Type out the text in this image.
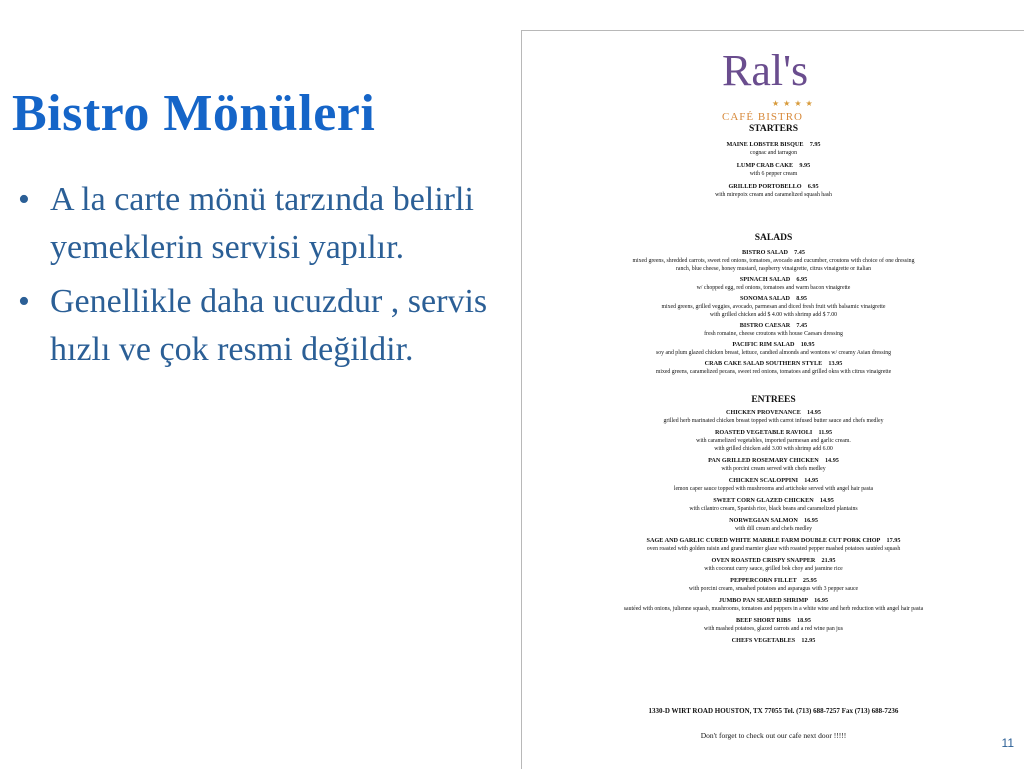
Bistro Mönüleri
• A la carte mönü tarzında belirli yemeklerin servisi yapılır.
• Genellikle daha ucuzdur , servis hızlı ve çok resmi değildir.
Ral's
★ ★ ★ ★
CAFÉ BISTRO
STARTERS
MAINE LOBSTER BISQUE 7.95
cognac and tarragon
LUMP CRAB CAKE 9.95
with 6 pepper cream
GRILLED PORTOBELLO 6.95
with mirepoix cream and caramelized squash hash
SALADS
BISTRO SALAD 7.45
mixed greens, shredded carrots, sweet red onions, tomatoes, avocado and cucumber, croutons with choice of one dressing
ranch, blue cheese, honey mustard, raspberry vinaigrette, citrus vinaigrette or italian
SPINACH SALAD 6.95
w/ chopped egg, red onions, tomatoes and warm bacon vinaigrette
SONOMA SALAD 8.95
mixed greens, grilled veggies, avocado, parmesan and diced fresh fruit with balsamic vinaigrette
with grilled chicken add $ 4.00 with shrimp add $ 7.00
BISTRO CAESAR 7.45
fresh romaine, cheese croutons with house Caesars dressing
PACIFIC RIM SALAD 10.95
soy and plum glazed chicken breast, lettuce, candied almonds and wontons w/ creamy Asian dressing
CRAB CAKE SALAD SOUTHERN STYLE 13.95
mixed greens, caramelized pecans, sweet red onions, tomatoes and grilled okra with citrus vinaigrette
ENTREES
CHICKEN PROVENANCE 14.95
grilled herb marinated chicken breast topped with carrot infused butter sauce and chefs medley
ROASTED VEGETABLE RAVIOLI 11.95
with caramelized vegetables, imported parmesan and garlic cream.
with grilled chicken add 3.00 with shrimp add 6.00
PAN GRILLED ROSEMARY CHICKEN 14.95
with porcini cream served with chefs medley
CHICKEN SCALOPPINI 14.95
lemon caper sauce topped with mushrooms and artichoke served with angel hair pasta
SWEET CORN GLAZED CHICKEN 14.95
with cilantro cream, Spanish rice, black beans and caramelized plantains
NORWEGIAN SALMON 16.95
with dill cream and chefs medley
SAGE AND GARLIC CURED WHITE MARBLE FARM DOUBLE CUT PORK CHOP 17.95
oven roasted with golden raisin and grand marnier glaze with roasted pepper mashed potatoes sautéed squash
OVEN ROASTED CRISPY SNAPPER 21.95
with coconut curry sauce, grilled bok choy and jasmine rice
PEPPERCORN FILLET 25.95
with porcini cream, smashed potatoes and asparagus with 3 pepper sauce
JUMBO PAN SEARED SHRIMP 16.95
sautéed with onions, julienne squash, mushrooms, tomatoes and peppers in a white wine and herb reduction with angel hair pasta
BEEF SHORT RIBS 18.95
with mashed potatoes, glazed carrots and a red wine pan jus
CHEFS VEGETABLES 12.95
1330-D WIRT ROAD HOUSTON, TX 77055 Tel. (713) 688-7257 Fax (713) 688-7236
Don't forget to check out our cafe next door !!!!!
11
